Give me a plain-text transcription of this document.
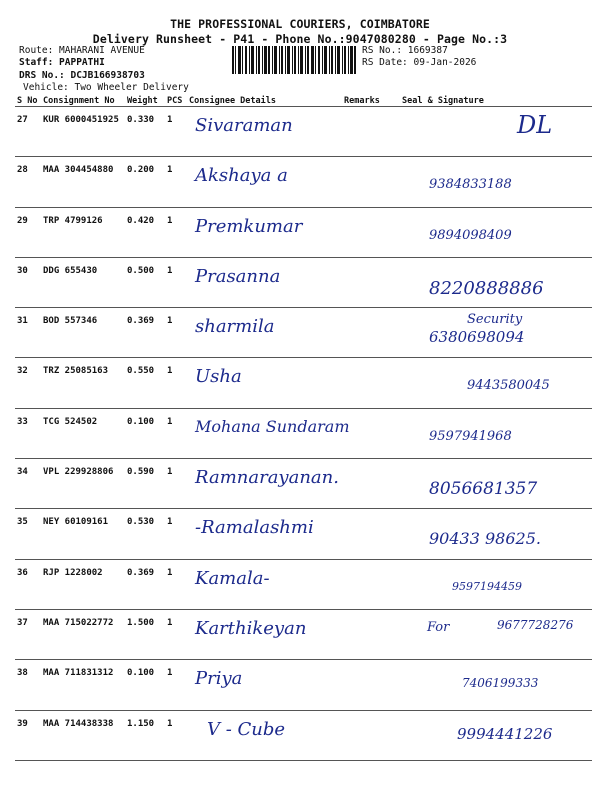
THE PROFESSIONAL COURIERS, COIMBATORE
Delivery Runsheet - P41 - Phone No.:9047080280 - Page No.:3
Route: MAHARANI AVENUE
Staff: PAPPATHI
DRS No.: DCJB166938703
Vehicle: Two Wheeler Delivery
RS No.: 1669387
RS Date: 09-Jan-2026
S No	Consignment No	Weight	PCS	Consignee Details	Remarks	Seal & Signature
27	KUR 6000451925	0.330	1	Sivaraman		DL

28	MAA 304454880	0.200	1	Akshaya a		9384833188

29	TRP 4799126	0.420	1	Premkumar		9894098409

30	DDG 655430	0.500	1	Prasanna		8220888886

31	BOD 557346	0.369	1	sharmila		Security
6380698094

32	TRZ 25085163	0.550	1	Usha		9443580045

33	TCG 524502	0.100	1	Mohana Sundaram		9597941968

34	VPL 229928806	0.590	1	Ramnarayanan.		8056681357

35	NEY 60109161	0.530	1	-Ramalashmi		90433 98625.

36	RJP 1228002	0.369	1	Kamala-		9597194459

37	MAA 715022772	1.500	1	Karthikeyan		For 9677728276

38	MAA 711831312	0.100	1	Priya		7406199333

39	MAA 714438338	1.150	1	V - Cube		9994441226
